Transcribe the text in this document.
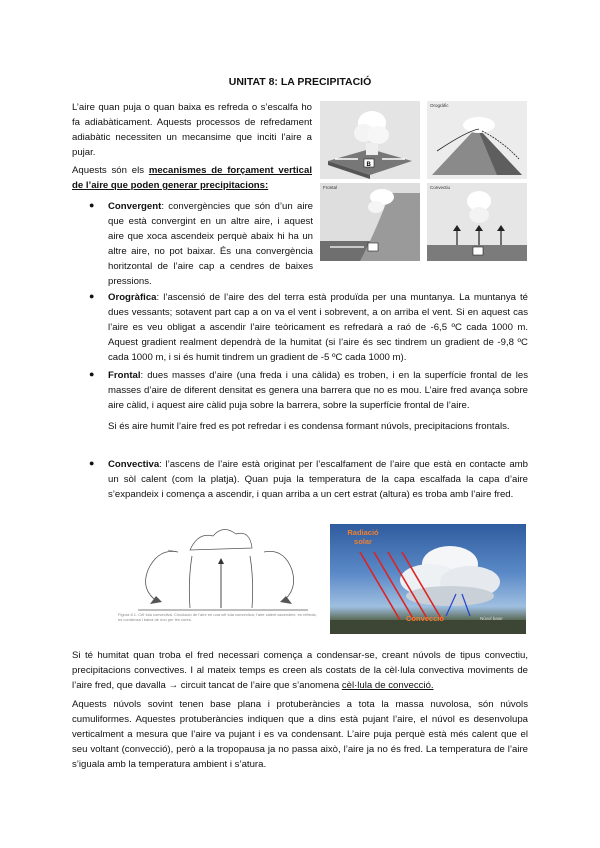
UNITAT 8: LA PRECIPITACIÓ

L’aire quan puja o quan baixa es refreda o s’escalfa ho fa adiabàticament. Aquests processos de refredament adiabàtic necessiten un mecansime que inciti l’aire a pujar.

Aquests són els mecanismes de forçament vertical de l’aire que poden generar precipitacions:

● Convergent: convergències que són d’un aire que està convergint en un altre aire, i aquest aire que xoca ascendeix perquè abaix hi ha un altre aire, no pot baixar. És una convergència horitzontal de l’aire cap a cendres de baixes pressions.

B
Orogràfic
Frontal	Convectiu
● Orogràfica: l’ascensió de l’aire des del terra està produïda per una muntanya. La muntanya té dues vessants; sotavent part cap a on va el vent i sobrevent, a on arriba el vent. Si en aquest cas l’aire es veu obligat a ascendir l’aire teòricament es refredarà a raó de -6,5 ºC cada 1000 m. Aquest gradient realment dependrà de la humitat (si l’aire és sec tindrem un gradient de -9,8 ºC cada 1000 m, i si és humit tindrem un gradient de -5 ºC cada 1000 m).

● Frontal: dues masses d’aire (una freda i una càlida) es troben, i en la superfície frontal de les masses d’aire de diferent densitat es genera una barrera que no es mou. L’aire fred avança sobre aire càlid, i aquest aire càlid puja sobre la barrera, sobre la superfície frontal de l’aire.

Si és aire humit l’aire fred es pot refredar i es condensa formant núvols, precipitacions frontals.

● Convectiva: l’ascens de l’aire està originat per l’escalfament de l’aire que està en contacte amb un sòl calent (com la platja). Quan puja la temperatura de la capa escalfada la capa d’aire s’expandeix i comença a ascendir, i quan arriba a un cert estrat (altura) es troba amb l’aire fred.

Figura 8.1. Cèl·lula convectiva. Circulació de l’aire en una cèl·lula convectiva; l’aire calent ascendeix, es refreda, es condensa i baixa de nou per les vores.
Radiació solar
Convecció	Núvol base

Si té humitat quan troba el fred necessari comença a condensar-se, creant núvols de tipus convectiu, precipitacions convectives. I al mateix temps es creen als costats de la cèl·lula convectiva moviments de l’aire fred, que davalla → circuit tancat de l’aire que s’anomena cèl·lula de convecció.

Aquests núvols sovint tenen base plana i protuberàncies a tota la massa nuvolosa, són núvols cumuliformes. Aquestes protuberàncies indiquen que a dins està pujant l’aire, el núvol es desenvolupa verticalment a mesura que l’aire va pujant i es va condensant. L’aire puja perquè està més calent que el seu voltant (convecció), però a la tropopausa ja no passa això, l’aire ja no és fred. La temperatura de l’aire s’iguala amb la temperatura ambient i s’atura.
